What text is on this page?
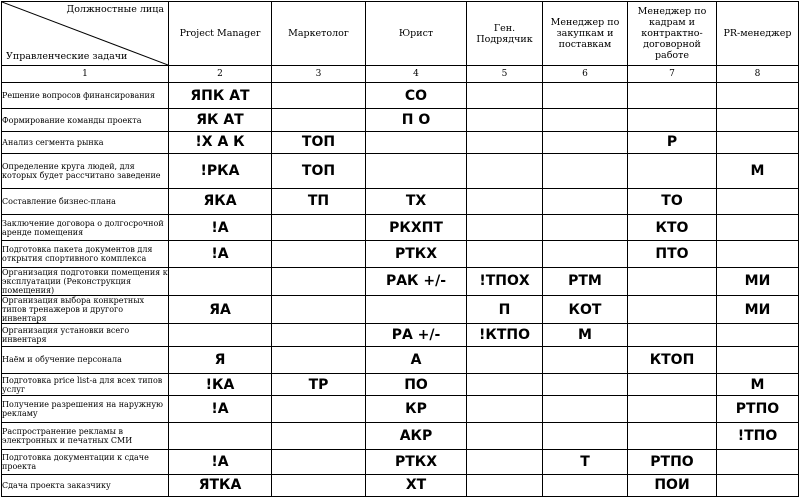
Должностные лица
Управленческие задачи	Project Manager	Маркетолог	Юрист	Ген. Подрядчик	Менеджер по закупкам и поставкам	Менеджер по кадрам и контрактно-договорной работе	PR-менеджер
1	2	3	4	5	6	7	8
Решение вопросов финансирования	ЯПК АТ		СО				
Формирование команды проекта	ЯК АТ		П О				
Анализ сегмента рынка	!Х А К	ТОП				Р	
Определение круга людей, для которых будет рассчитано заведение	!РКА	ТОП					М
Составление бизнес-плана	ЯКА	ТП	ТХ			ТО	
Заключение договора о долгосрочной аренде помещения	!А		РКХПТ			КТО	
Подготовка пакета документов для открытия спортивного комплекса	!А		РТКХ			ПТО	
Организация подготовки помещения к эксплуатации (Реконструкция помещения)			РАК +/-	!ТПОХ	РТМ		МИ
Организация выбора конкретных типов тренажеров и другого инвентаря	ЯА			П	КОТ		МИ
Организация установки всего инвентаря			РА +/-	!КТПО	М		
Наём и обучение персонала	Я		А			КТОП	
Подготовка price list-а для всех типов услуг	!КА	ТР	ПО				М
Получение разрешения на наружную рекламу	!А		КР				РТПО
Распространение рекламы в электронных и печатных СМИ			АКР				!ТПО
Подготовка документации к сдаче проекта	!А		РТКХ		Т	РТПО	
Сдача проекта заказчику	ЯТКА		ХТ			ПОИ	
